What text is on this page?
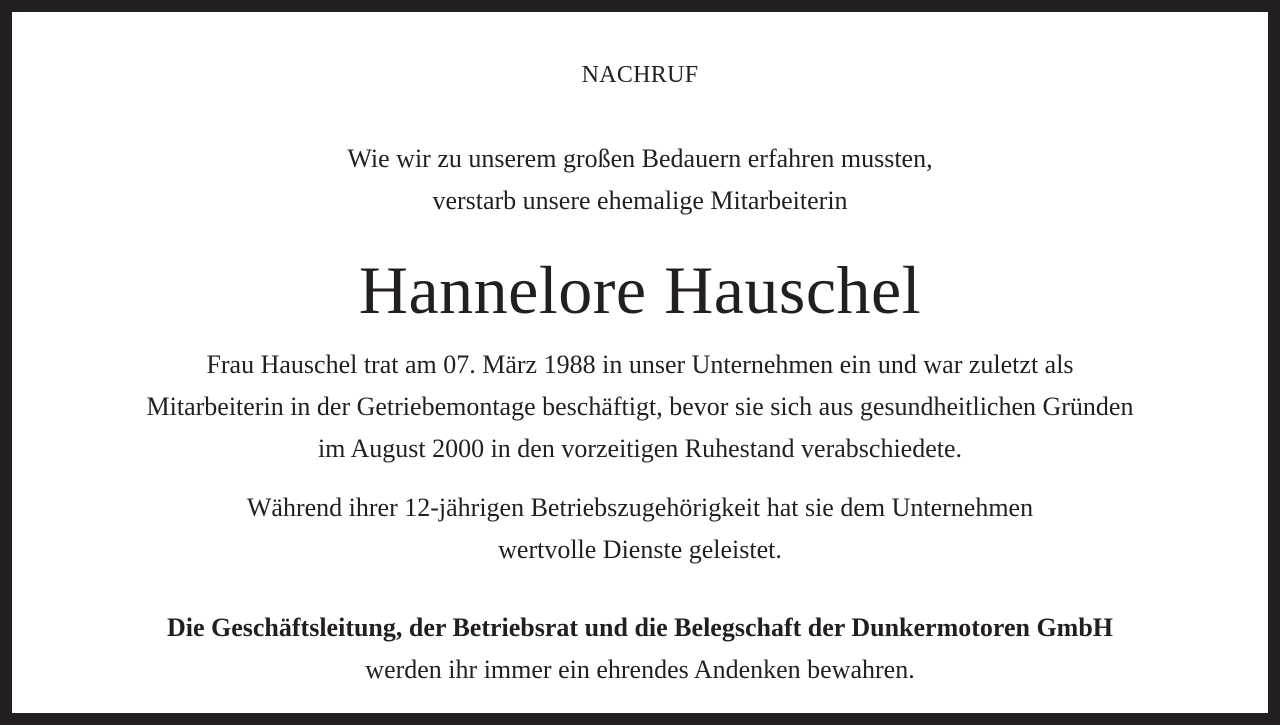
NACHRUF
Wie wir zu unserem großen Bedauern erfahren mussten,
verstarb unsere ehemalige Mitarbeiterin
Hannelore Hauschel
Frau Hauschel trat am 07. März 1988 in unser Unternehmen ein und war zuletzt als
Mitarbeiterin in der Getriebemontage beschäftigt, bevor sie sich aus gesundheitlichen Gründen
im August 2000 in den vorzeitigen Ruhestand verabschiedete.
Während ihrer 12-jährigen Betriebszugehörigkeit hat sie dem Unternehmen
wertvolle Dienste geleistet.
Die Geschäftsleitung, der Betriebsrat und die Belegschaft der Dunkermotoren GmbH
werden ihr immer ein ehrendes Andenken bewahren.
